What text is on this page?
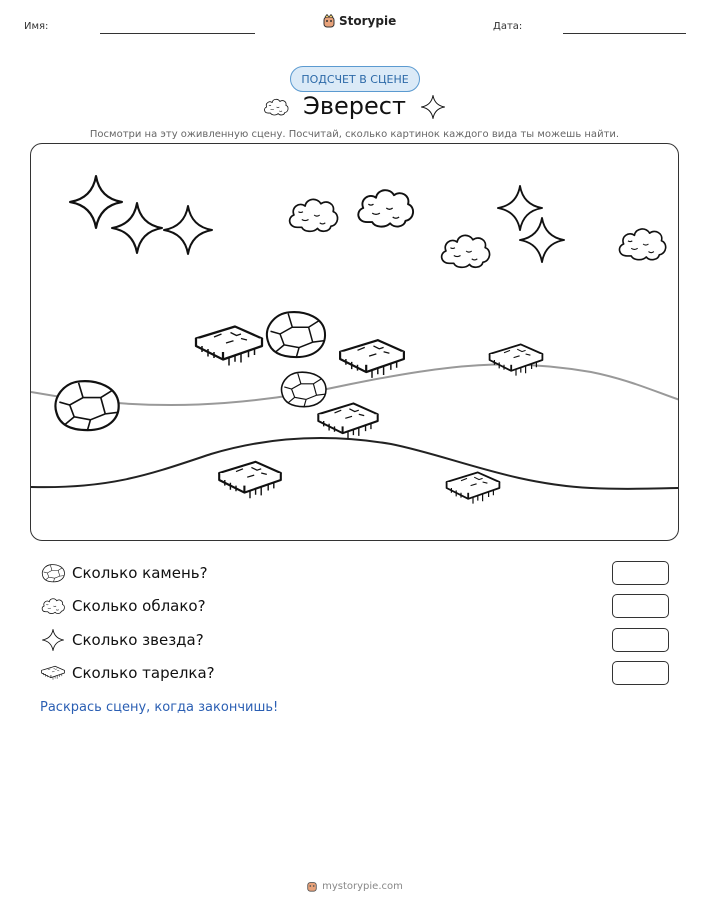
Имя:	Storypie	Дата:
ПОДСЧЕТ В СЦЕНЕ
Эверест
Посмотри на эту оживленную сцену. Посчитай, сколько картинок каждого вида ты можешь найти.
Сколько камень?
Сколько облако?
Сколько звезда?
Сколько тарелка?
Раскрась сцену, когда закончишь!
mystorypie.com
